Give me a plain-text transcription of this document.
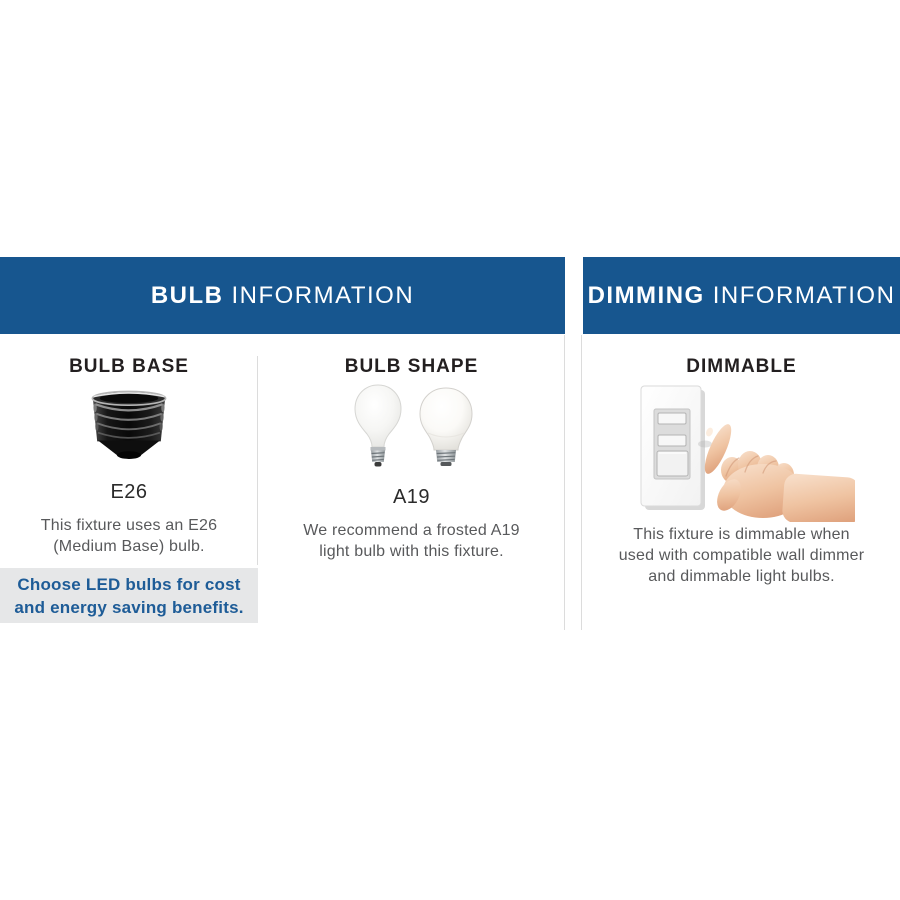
BULB INFORMATION	DIMMING INFORMATION
BULB BASE
E26
This fixture uses an E26
(Medium Base) bulb.
BULB SHAPE
A19
We recommend a frosted A19
light bulb with this fixture.
Choose LED bulbs for cost
and energy saving benefits.
DIMMABLE
This fixture is dimmable when
used with compatible wall dimmer
and dimmable light bulbs.
